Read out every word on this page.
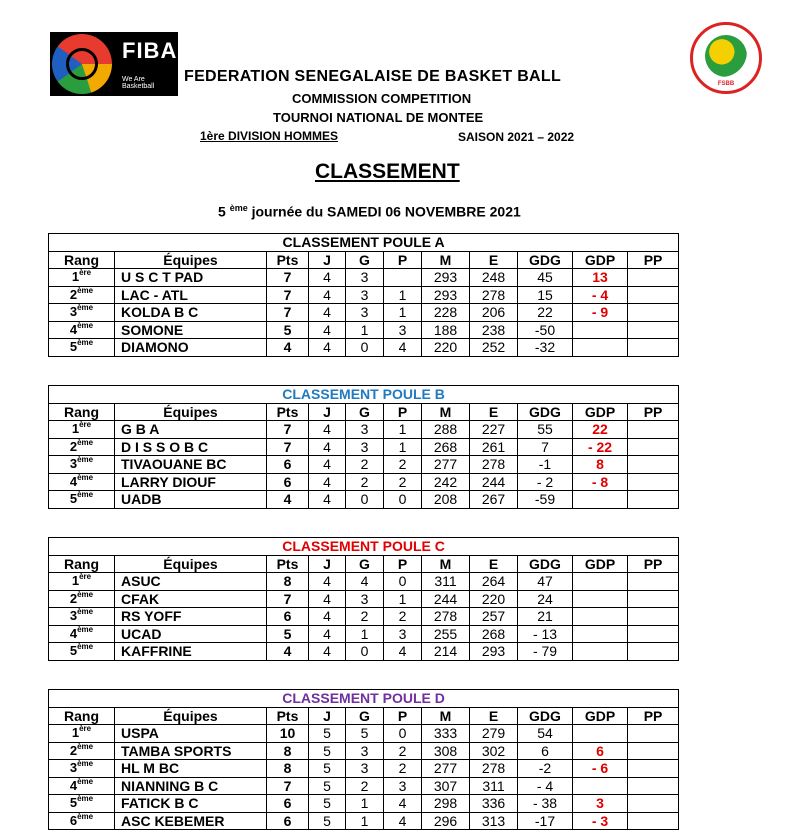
FIBA
We Are Basketball	FSBB
FEDERATION SENEGALAISE DE BASKET BALL
COMMISSION COMPETITION
TOURNOI NATIONAL DE MONTEE
1ère DIVISION HOMMES	SAISON 2021 – 2022
CLASSEMENT
5 $^{ème}$ journée du SAMEDI 06 NOVEMBRE 2021
CLASSEMENT POULE A										
Rang	Équipes	Pts	J	G	P	M	E	GDG	GDP	PP
1ère	U S C T PAD	7	4	3		293	248	45	13	
2ème	LAC - ATL	7	4	3	1	293	278	15	- 4	
3ème	KOLDA B C	7	4	3	1	228	206	22	- 9	
4ème	SOMONE	5	4	1	3	188	238	-50		
5ème	DIAMONO	4	4	0	4	220	252	-32		
CLASSEMENT POULE B										
Rang	Équipes	Pts	J	G	P	M	E	GDG	GDP	PP
1ère	G B A	7	4	3	1	288	227	55	22	
2ème	D I S S O B C	7	4	3	1	268	261	7	- 22	
3ème	TIVAOUANE BC	6	4	2	2	277	278	-1	8	
4ème	LARRY DIOUF	6	4	2	2	242	244	- 2	- 8	
5ème	UADB	4	4	0	0	208	267	-59		
CLASSEMENT POULE C										
Rang	Équipes	Pts	J	G	P	M	E	GDG	GDP	PP
1ère	ASUC	8	4	4	0	311	264	47		
2ème	CFAK	7	4	3	1	244	220	24		
3ème	RS YOFF	6	4	2	2	278	257	21		
4ème	UCAD	5	4	1	3	255	268	- 13		
5ème	KAFFRINE	4	4	0	4	214	293	- 79		
CLASSEMENT POULE D										
Rang	Équipes	Pts	J	G	P	M	E	GDG	GDP	PP
1ère	USPA	10	5	5	0	333	279	54		
2ème	TAMBA SPORTS	8	5	3	2	308	302	6	6	
3ème	HL M BC	8	5	3	2	277	278	-2	- 6	
4ème	NIANNING B C	7	5	2	3	307	311	- 4		
5ème	FATICK B C	6	5	1	4	298	336	- 38	3	
6ème	ASC KEBEMER	6	5	1	4	296	313	-17	- 3	
